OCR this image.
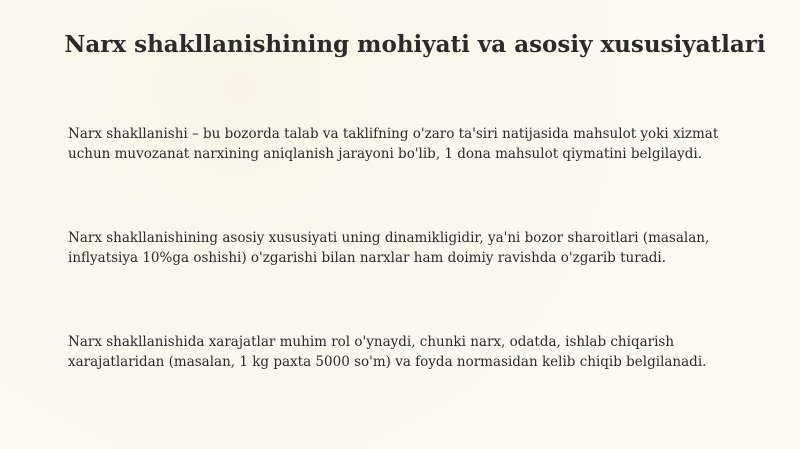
Narx shakllanishining mohiyati va asosiy xususiyatlari

Narx shakllanishi – bu bozorda talab va taklifning o'zaro ta'siri natijasida mahsulot yoki xizmat uchun muvozanat narxining aniqlanish jarayoni bo'lib, 1 dona mahsulot qiymatini belgilaydi.

Narx shakllanishining asosiy xususiyati uning dinamikligidir, ya'ni bozor sharoitlari (masalan, inflyatsiya 10%ga oshishi) o'zgarishi bilan narxlar ham doimiy ravishda o'zgarib turadi.

Narx shakllanishida xarajatlar muhim rol o'ynaydi, chunki narx, odatda, ishlab chiqarish xarajatlaridan (masalan, 1 kg paxta 5000 so'm) va foyda normasidan kelib chiqib belgilanadi.
